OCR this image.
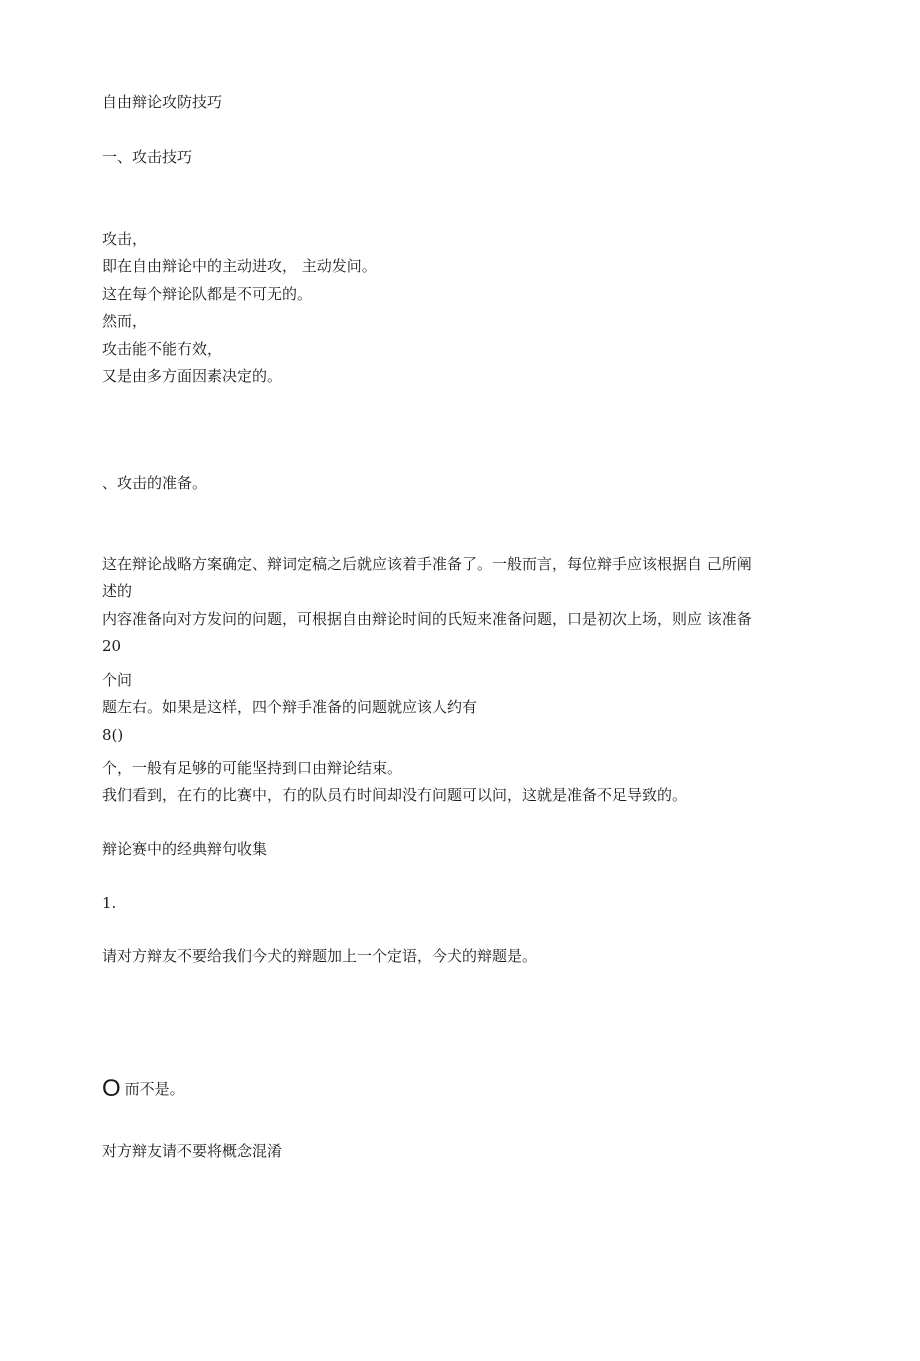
自由辩论攻防技巧
一、攻击技巧
攻击，
即在自由辩论中的主动进攻， 主动发问。
这在每个辩论队都是不可无的。
然而，
攻击能不能冇效，
又是由多方面因素决定的。
、攻击的准备。
这在辩论战略方案确定、辩词定稿之后就应该着手准备了。一般而言，每位辩手应该根据自 己所阐
述的
内容准备向对方发问的问题，可根据自由辩论时间的氏短来准备问题，口是初次上场，则应 该准备
20
个问
题左右。如果是这样，四个辩手准备的问题就应该人约有
8()
个，一般有足够的可能坚持到口由辩论结束。
我们看到，在冇的比赛中，冇的队员冇时间却没冇问题可以问，这就是准备不足导致的。
辩论赛中的经典辩句收集
1.
请对方辩友不要给我们今犬的辩题加上一个定语，今犬的辩题是。
O而不是。
对方辩友请不要将概念混淆
